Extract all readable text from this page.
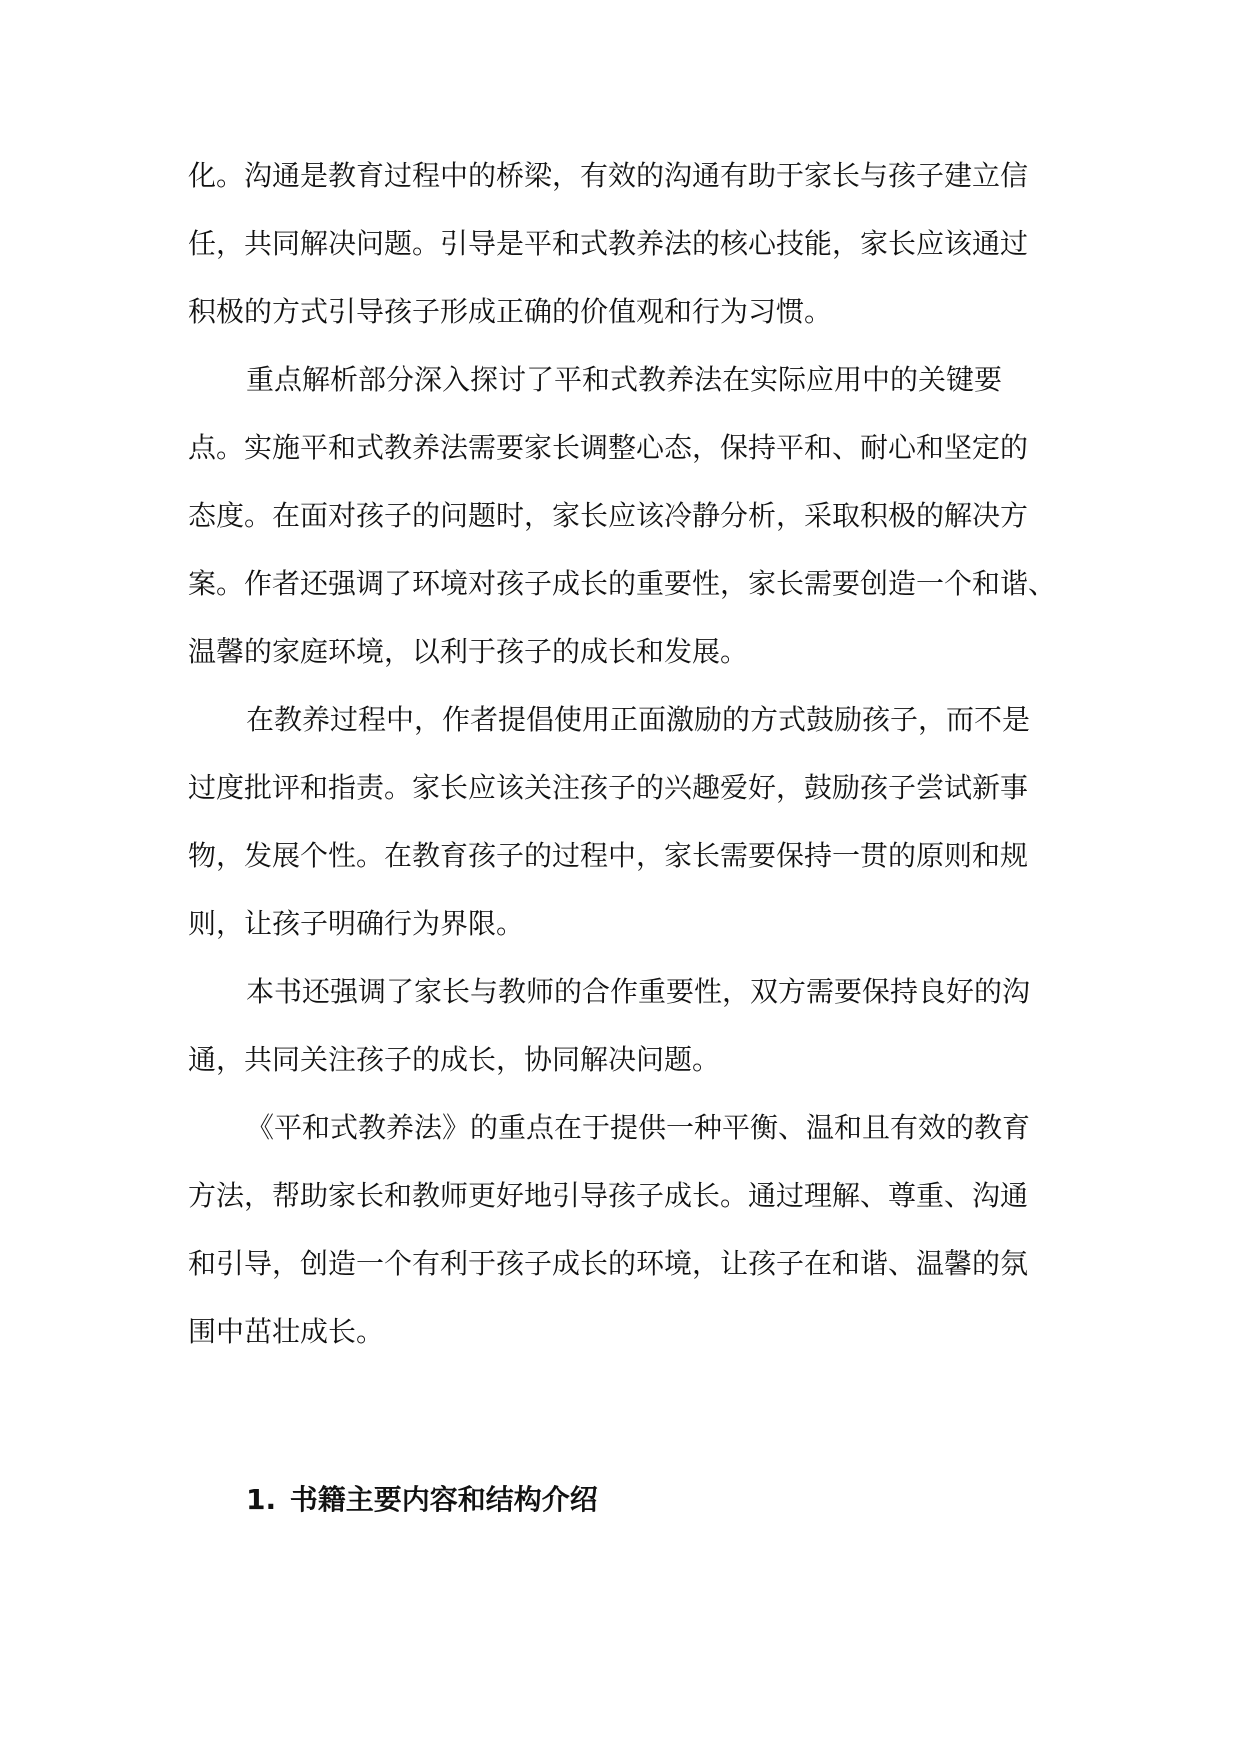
化。沟通是教育过程中的桥梁，有效的沟通有助于家长与孩子建立信
任，共同解决问题。引导是平和式教养法的核心技能，家长应该通过
积极的方式引导孩子形成正确的价值观和行为习惯。

重点解析部分深入探讨了平和式教养法在实际应用中的关键要
点。实施平和式教养法需要家长调整心态，保持平和、耐心和坚定的
态度。在面对孩子的问题时，家长应该冷静分析，采取积极的解决方
案。作者还强调了环境对孩子成长的重要性，家长需要创造一个和谐、
温馨的家庭环境，以利于孩子的成长和发展。

在教养过程中，作者提倡使用正面激励的方式鼓励孩子，而不是
过度批评和指责。家长应该关注孩子的兴趣爱好，鼓励孩子尝试新事
物，发展个性。在教育孩子的过程中，家长需要保持一贯的原则和规
则，让孩子明确行为界限。

本书还强调了家长与教师的合作重要性，双方需要保持良好的沟
通，共同关注孩子的成长，协同解决问题。

《平和式教养法》的重点在于提供一种平衡、温和且有效的教育
方法，帮助家长和教师更好地引导孩子成长。通过理解、尊重、沟通
和引导，创造一个有利于孩子成长的环境，让孩子在和谐、温馨的氛
围中茁壮成长。

1. 书籍主要内容和结构介绍
